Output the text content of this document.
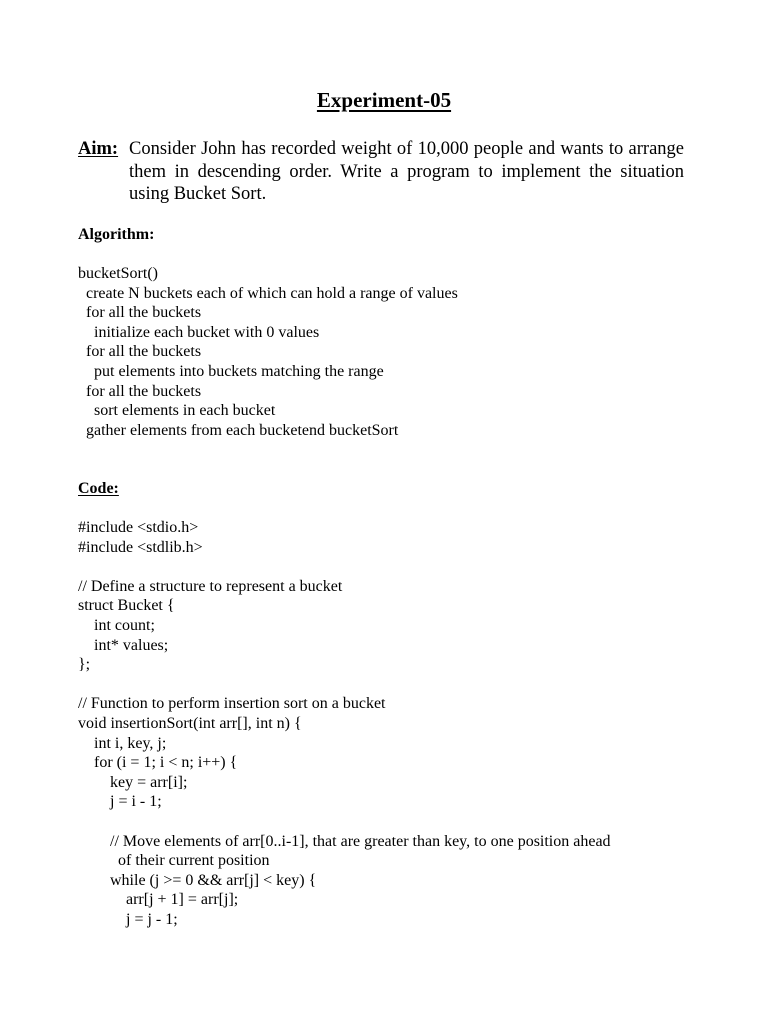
Experiment-05
Aim: Consider John has recorded weight of 10,000 people and wants to arrange them in descending order. Write a program to implement the situation using Bucket Sort.
Algorithm:
bucketSort()
create N buckets each of which can hold a range of values
for all the buckets
initialize each bucket with 0 values
for all the buckets
put elements into buckets matching the range
for all the buckets
sort elements in each bucket
gather elements from each bucketend bucketSort
Code:
#include <stdio.h>
#include <stdlib.h>
// Define a structure to represent a bucket
struct Bucket {
int count;
int* values;
};
// Function to perform insertion sort on a bucket
void insertionSort(int arr[], int n) {
int i, key, j;
for (i = 1; i < n; i++) {
key = arr[i];
j = i - 1;
// Move elements of arr[0..i-1], that are greater than key, to one position ahead
of their current position
while (j >= 0 && arr[j] < key) {
arr[j + 1] = arr[j];
j = j - 1;
